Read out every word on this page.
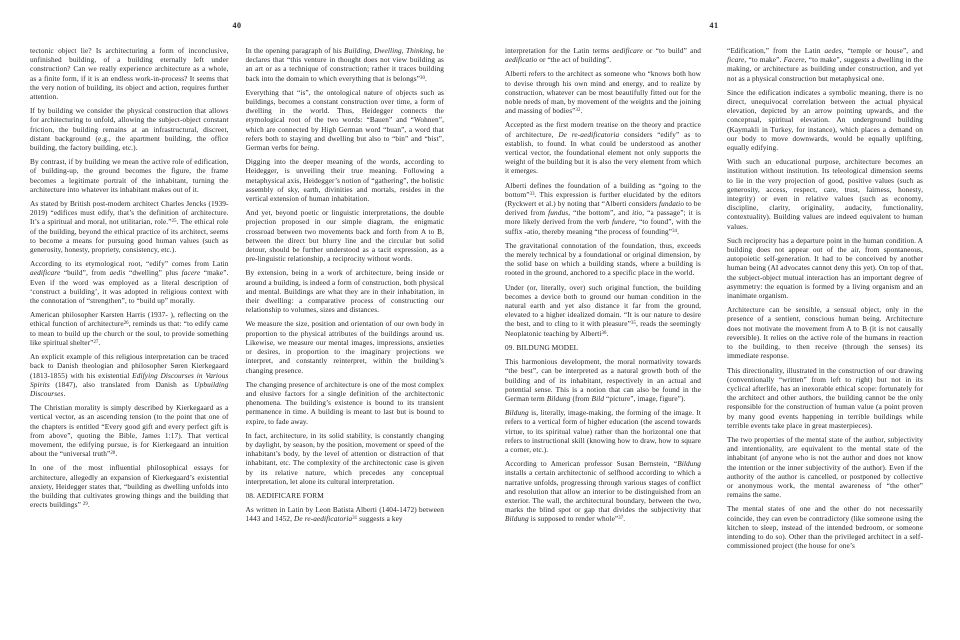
40

tectonic object lie? Is architecturing a form of inconclusive, unfinished building, of a building eternally left under construction? Can we really experience architecture as a whole, as a finite form, if it is an endless work-in-process? It seems that the very notion of building, its object and action, requires further attention.

If by building we consider the physical construction that allows for architecturing to unfold, allowing the subject-object constant friction, the building remains at an infrastructural, discreet, distant background (e.g., the apartment building, the office building, the factory building, etc.).

By contrast, if by building we mean the active role of edification, of building-up, the ground becomes the figure, the frame becomes a legitimate portrait of the inhabitant, turning the architecture into whatever its inhabitant makes out of it.

As stated by British post-modern architect Charles Jencks (1939-2019) “edifices must edify, that’s the definition of architecture. It’s a spiritual and moral, not utilitarian, role.”$^{25}$. The ethical role of the building, beyond the ethical practice of its architect, seems to become a means for pursuing good human values (such as generosity, honesty, propriety, consistency, etc.).

According to its etymological root, “edify” comes from Latin aedificare “build”, from aedis “dwelling” plus facere “make”. Even if the word was employed as a literal description of ‘construct a building’, it was adopted in religious context with the connotation of “strengthen”, to “build up” morally.

American philosopher Karsten Harris (1937- ), reflecting on the ethical function of architecture$^{26}$, reminds us that: “to edify came to mean to build up the church or the soul, to provide something like spiritual shelter”$^{27}$.

An explicit example of this religious interpretation can be traced back to Danish theologian and philosopher Søren Kierkegaard (1813-1855) with his existential Edifying Discourses in Various Spirits (1847), also translated from Danish as Upbuilding Discourses.

The Christian morality is simply described by Kierkegaard as a vertical vector, as an ascending tension (to the point that one of the chapters is entitled “Every good gift and every perfect gift is from above”, quoting the Bible, James 1:17). That vertical movement, the edifying pursue, is for Kierkegaard an intuition about the “universal truth”$^{28}$.

In one of the most influential philosophical essays for architecture, allegedly an expansion of Kierkegaard’s existential anxiety, Heidegger states that, “building as dwelling unfolds into the building that cultivates growing things and the building that erects buildings” $^{29}$.

In the opening paragraph of his Building, Dwelling, Thinking, he declares that “this venture in thought does not view building as an art or as a technique of construction; rather it traces building back into the domain to which everything that is belongs”$^{30}$.

Everything that “is”, the ontological nature of objects such as buildings, becomes a constant construction over time, a form of dwelling in the world. Thus, Heidegger connects the etymological root of the two words: “Bauen” and “Wohnen”, which are connected by High German word “buan”, a word that refers both to staying and dwelling but also to “bin” and “bist”, German verbs for being.

Digging into the deeper meaning of the words, according to Heidegger, is unveiling their true meaning. Following a metaphysical axis, Heidegger’s notion of “gathering”, the holistic assembly of sky, earth, divinities and mortals, resides in the vertical extension of human inhabitation.

And yet, beyond poetic or linguistic interpretations, the double projection proposed in our simple diagram, the enigmatic crossroad between two movements back and forth from A to B, between the direct but blurry line and the circular but solid detour, should be further understood as a tacit expression, as a pre-linguistic relationship, a reciprocity without words.

By extension, being in a work of architecture, being inside or around a building, is indeed a form of construction, both physical and mental. Buildings are what they are in their inhabitation, in their dwelling: a comparative process of constructing our relationship to volumes, sizes and distances.

We measure the size, position and orientation of our own body in proportion to the physical attributes of the buildings around us. Likewise, we measure our mental images, impressions, anxieties or desires, in proportion to the imaginary projections we interpret, and constantly reinterpret, within the building’s changing presence.

The changing presence of architecture is one of the most complex and elusive factors for a single definition of the architectonic phenomena. The building’s existence is bound to its transient permanence in time. A building is meant to last but is bound to expire, to fade away.

In fact, architecture, in its solid stability, is constantly changing by daylight, by season, by the position, movement or speed of the inhabitant’s body, by the level of attention or distraction of that inhabitant, etc. The complexity of the architectonic case is given by its relative nature, which precedes any conceptual interpretation, let alone its cultural interpretation.

08. AEDIFICARE FORM

As written in Latin by Leon Batista Alberti (1404-1472) between 1443 and 1452, De re-aedificatoria$^{31}$ suggests a key

41

interpretation for the Latin terms aedificare or “to build” and aedificatio or “the act of building”.

Alberti refers to the architect as someone who “knows both how to devise through his own mind and energy, and to realize by construction, whatever can be most beautifully fitted out for the noble needs of man, by movement of the weights and the joining and massing of bodies”$^{32}$.

Accepted as the first modern treatise on the theory and practice of architecture, De re-aedificatoria considers “edify” as to establish, to found. In what could be understood as another vertical vector, the foundational element not only supports the weight of the building but it is also the very element from which it emerges.

Alberti defines the foundation of a building as “going to the bottom”$^{33}$. This expression is further elucidated by the editors (Ryckwert et al.) by noting that “Alberti considers fundatio to be derived from fundus, “the bottom”, and itio, “a passage”; it is more likely derived from the verb fundere, “to found”, with the suffix -atio, thereby meaning “the process of founding”$^{34}$.

The gravitational connotation of the foundation, thus, exceeds the merely technical by a foundational or original dimension, by the solid base on which a building stands, where a building is rooted in the ground, anchored to a specific place in the world.

Under (or, literally, over) such original function, the building becomes a device both to ground our human condition in the natural earth and yet also distance it far from the ground, elevated to a higher idealized domain. “It is our nature to desire the best, and to cling to it with pleasure”$^{35}$, reads the seemingly Neoplatonic teaching by Alberti$^{36}$.

09. BILDUNG MODEL

This harmonious development, the moral normativity towards “the best”, can be interpreted as a natural growth both of the building and of its inhabitant, respectively in an actual and potential sense. This is a notion that can also be found in the German term Bildung (from Bild “picture”, image, figure”).

Bildung is, literally, image-making, the forming of the image. It refers to a vertical form of higher education (the ascend towards virtue, to its spiritual value) rather than the horizontal one that refers to instructional skill (knowing how to draw, how to square a corner, etc.).

According to American professor Susan Bernstein, “Bildung installs a certain architectonic of selfhood according to which a narrative unfolds, progressing through various stages of conflict and resolution that allow an interior to be distinguished from an exterior. The wall, the architectural boundary, between the two, marks the blind spot or gap that divides the subjectivity that Bildung is supposed to render whole”$^{37}$.

“Edification,” from the Latin aedes, “temple or house”, and ficare, “to make”. Facere, “to make”, suggests a dwelling in the making, or architecture as building under construction, and yet not as a physical construction but metaphysical one.

Since the edification indicates a symbolic meaning, there is no direct, unequivocal correlation between the actual physical elevation, depicted by an arrow pointing upwards, and the conceptual, spiritual elevation. An underground building (Kaymakli in Turkey, for instance), which places a demand on our body to move downwards, would be equally uplifting, equally edifying.

With such an educational purpose, architecture becomes an institution without institution. Its teleological dimension seems to lie in the very projection of good, positive values (such as generosity, access, respect, care, trust, fairness, honesty, integrity) or even in relative values (such as economy, discipline, clarity, originality, audacity, functionality, contextuality). Building values are indeed equivalent to human values.

Such reciprocity has a departure point in the human condition. A building does not appear out of the air, from spontaneous, autopoietic self-generation. It had to be conceived by another human being (AI advocates cannot deny this yet). On top of that, the subject-object mutual interaction has an important degree of asymmetry: the equation is formed by a living organism and an inanimate organism.

Architecture can be sensible, a sensual object, only in the presence of a sentient, conscious human being. Architecture does not motivate the movement from A to B (it is not causally reversible). It relies on the active role of the humans in reaction to the building, to then receive (through the senses) its immediate response.

This directionality, illustrated in the construction of our drawing (conventionally “written” from left to right) but not in its cyclical afterlife, has an inexorable ethical scope: fortunately for the architect and other authors, the building cannot be the only responsible for the construction of human value (a point proven by many good events happening in terrible buildings while terrible events take place in great masterpieces).

The two properties of the mental state of the author, subjectivity and intentionality, are equivalent to the mental state of the inhabitant (of anyone who is not the author and does not know the intention or the inner subjectivity of the author). Even if the authority of the author is cancelled, or postponed by collective or anonymous work, the mental awareness of “the other” remains the same.

The mental states of one and the other do not necessarily coincide, they can even be contradictory (like someone using the kitchen to sleep, instead of the intended bedroom, or someone intending to do so). Other than the privileged architect in a self-commissioned project (the house for one’s
